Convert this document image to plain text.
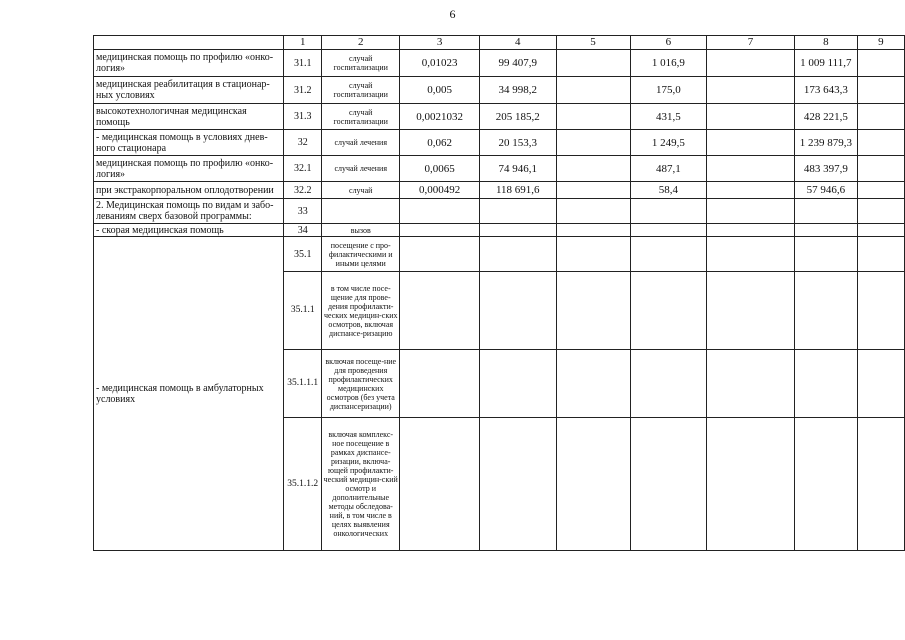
6
	1	2	3	4	5	6	7	8	9
медицинская помощь по профилю «онко-логия»	31.1	случай госпитализации	0,01023	99 407,9		1 016,9		1 009 111,7	
медицинская реабилитация в стационар-ных условиях	31.2	случай госпитализации	0,005	34 998,2		175,0		173 643,3	
высокотехнологичная медицинская помощь	31.3	случай госпитализации	0,0021032	205 185,2		431,5		428 221,5	
- медицинская помощь в условиях днев-ного стационара	32	случай лечения	0,062	20 153,3		1 249,5		1 239 879,3	
медицинская помощь по профилю «онко-логия»	32.1	случай лечения	0,0065	74 946,1		487,1		483 397,9	
при экстракорпоральном оплодотворении	32.2	случай	0,000492	118 691,6		58,4		57 946,6	
2. Медицинская помощь по видам и забо-леваниям сверх базовой программы:	33								
- скорая медицинская помощь	34	вызов							
- медицинская помощь в амбулаторных условиях	35.1	посещение с про-филактическими и иными целями							
	35.1.1	в том числе посе-щение для прове-дения профилакти-ческих медицин-ских осмотров, включая диспансе-ризацию							
	35.1.1.1	включая посеще-ние для проведения профилактических медицинских осмотров (без учета диспансеризации)							
	35.1.1.2	включая комплекс-ное посещение в рамках диспансе-ризации, включа-ющей профилакти-ческий медицин-ский осмотр и дополнительные методы обследова-ний, в том числе в целях выявления онкологических							
